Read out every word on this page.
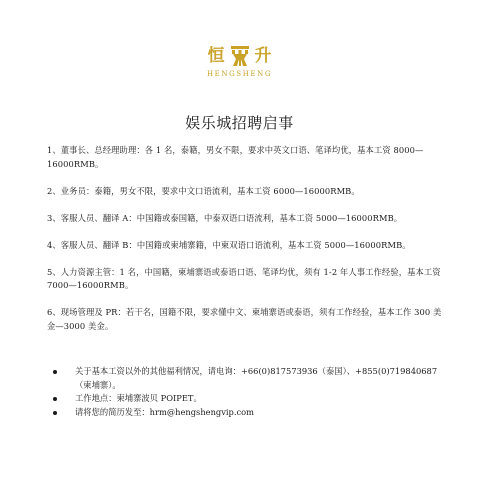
恒 升
HENGSHENG
娱乐城招聘启事

1、董事长、总经理助理：各 1 名，泰籍，男女不限，要求中英文口语、笔译均优，基本工资 8000—16000RMB。

2、业务员：泰籍，男女不限，要求中文口语流利，基本工资 6000—16000RMB。

3、客服人员、翻译 A：中国籍或泰国籍，中泰双语口语流利，基本工资 5000—16000RMB。

4、客服人员、翻译 B：中国籍或柬埔寨籍，中柬双语口语流利，基本工资 5000—16000RMB。

5、人力资源主管：1 名，中国籍，柬埔寨语或泰语口语、笔译均优，须有 1-2 年人事工作经验，基本工资 7000—16000RMB。

6、现场管理及 PR：若干名，国籍不限，要求懂中文、柬埔寨语或泰语，须有工作经验，基本工作 300 美金—3000 美金。

关于基本工资以外的其他福利情况，请电询：+66(0)817573936（泰国）、+855(0)719840687（柬埔寨）。
工作地点：柬埔寨波贝 POIPET。
请将您的简历发至：hrm@hengshengvip.com
